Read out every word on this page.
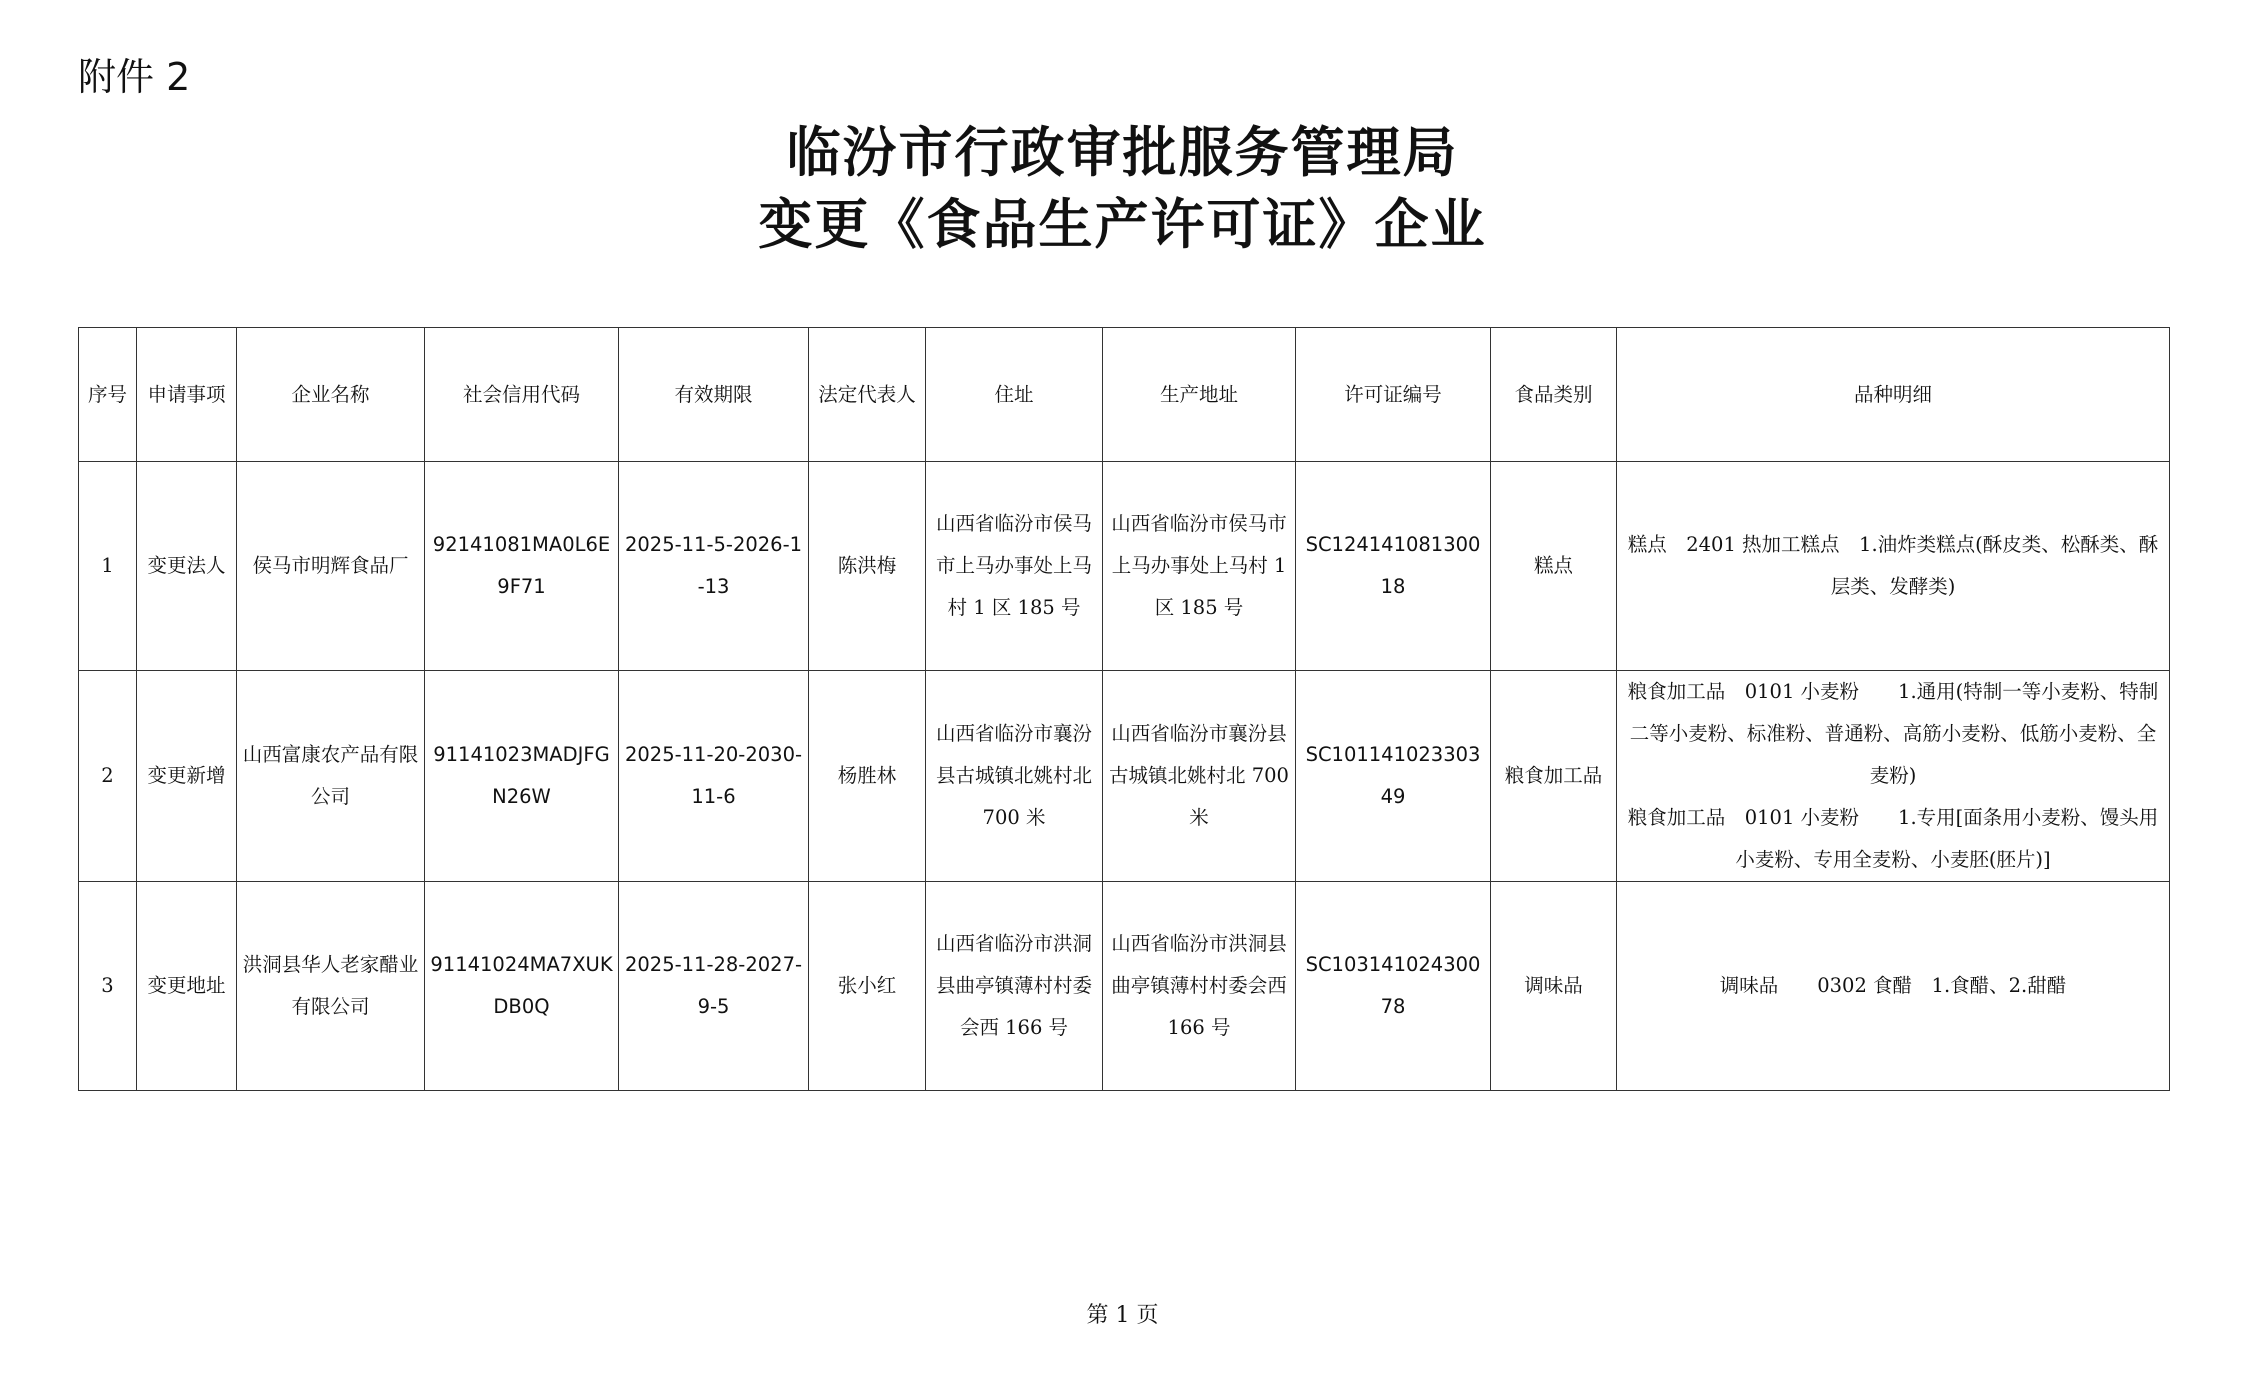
附件 2
临汾市行政审批服务管理局
变更《食品生产许可证》企业
序号	申请事项	企业名称	社会信用代码	有效期限	法定代表人	住址	生产地址	许可证编号	食品类别	品种明细
1	变更法人	侯马市明辉食品厂	92141081MA0L6E9F71	2025-11-5-2026-1-13	陈洪梅	山西省临汾市侯马市上马办事处上马村 1 区 185 号	山西省临汾市侯马市上马办事处上马村 1 区 185 号	SC12414108130018	糕点	糕点　2401 热加工糕点　1.油炸类糕点(酥皮类、松酥类、酥层类、发酵类)

2	变更新增	山西富康农产品有限公司	91141023MADJFGN26W	2025-11-20-2030-11-6	杨胜林	山西省临汾市襄汾县古城镇北姚村北 700 米	山西省临汾市襄汾县古城镇北姚村北 700 米	SC10114102330349	粮食加工品	粮食加工品　0101 小麦粉　　1.通用(特制一等小麦粉、特制二等小麦粉、标准粉、普通粉、高筋小麦粉、低筋小麦粉、全麦粉)
粮食加工品　0101 小麦粉　　1.专用[面条用小麦粉、馒头用小麦粉、专用全麦粉、小麦胚(胚片)]

3	变更地址	洪洞县华人老家醋业有限公司	91141024MA7XUKDB0Q	2025-11-28-2027-9-5	张小红	山西省临汾市洪洞县曲亭镇薄村村委会西 166 号	山西省临汾市洪洞县曲亭镇薄村村委会西 166 号	SC10314102430078	调味品	调味品　　0302 食醋　1.食醋、2.甜醋
第 1 页
